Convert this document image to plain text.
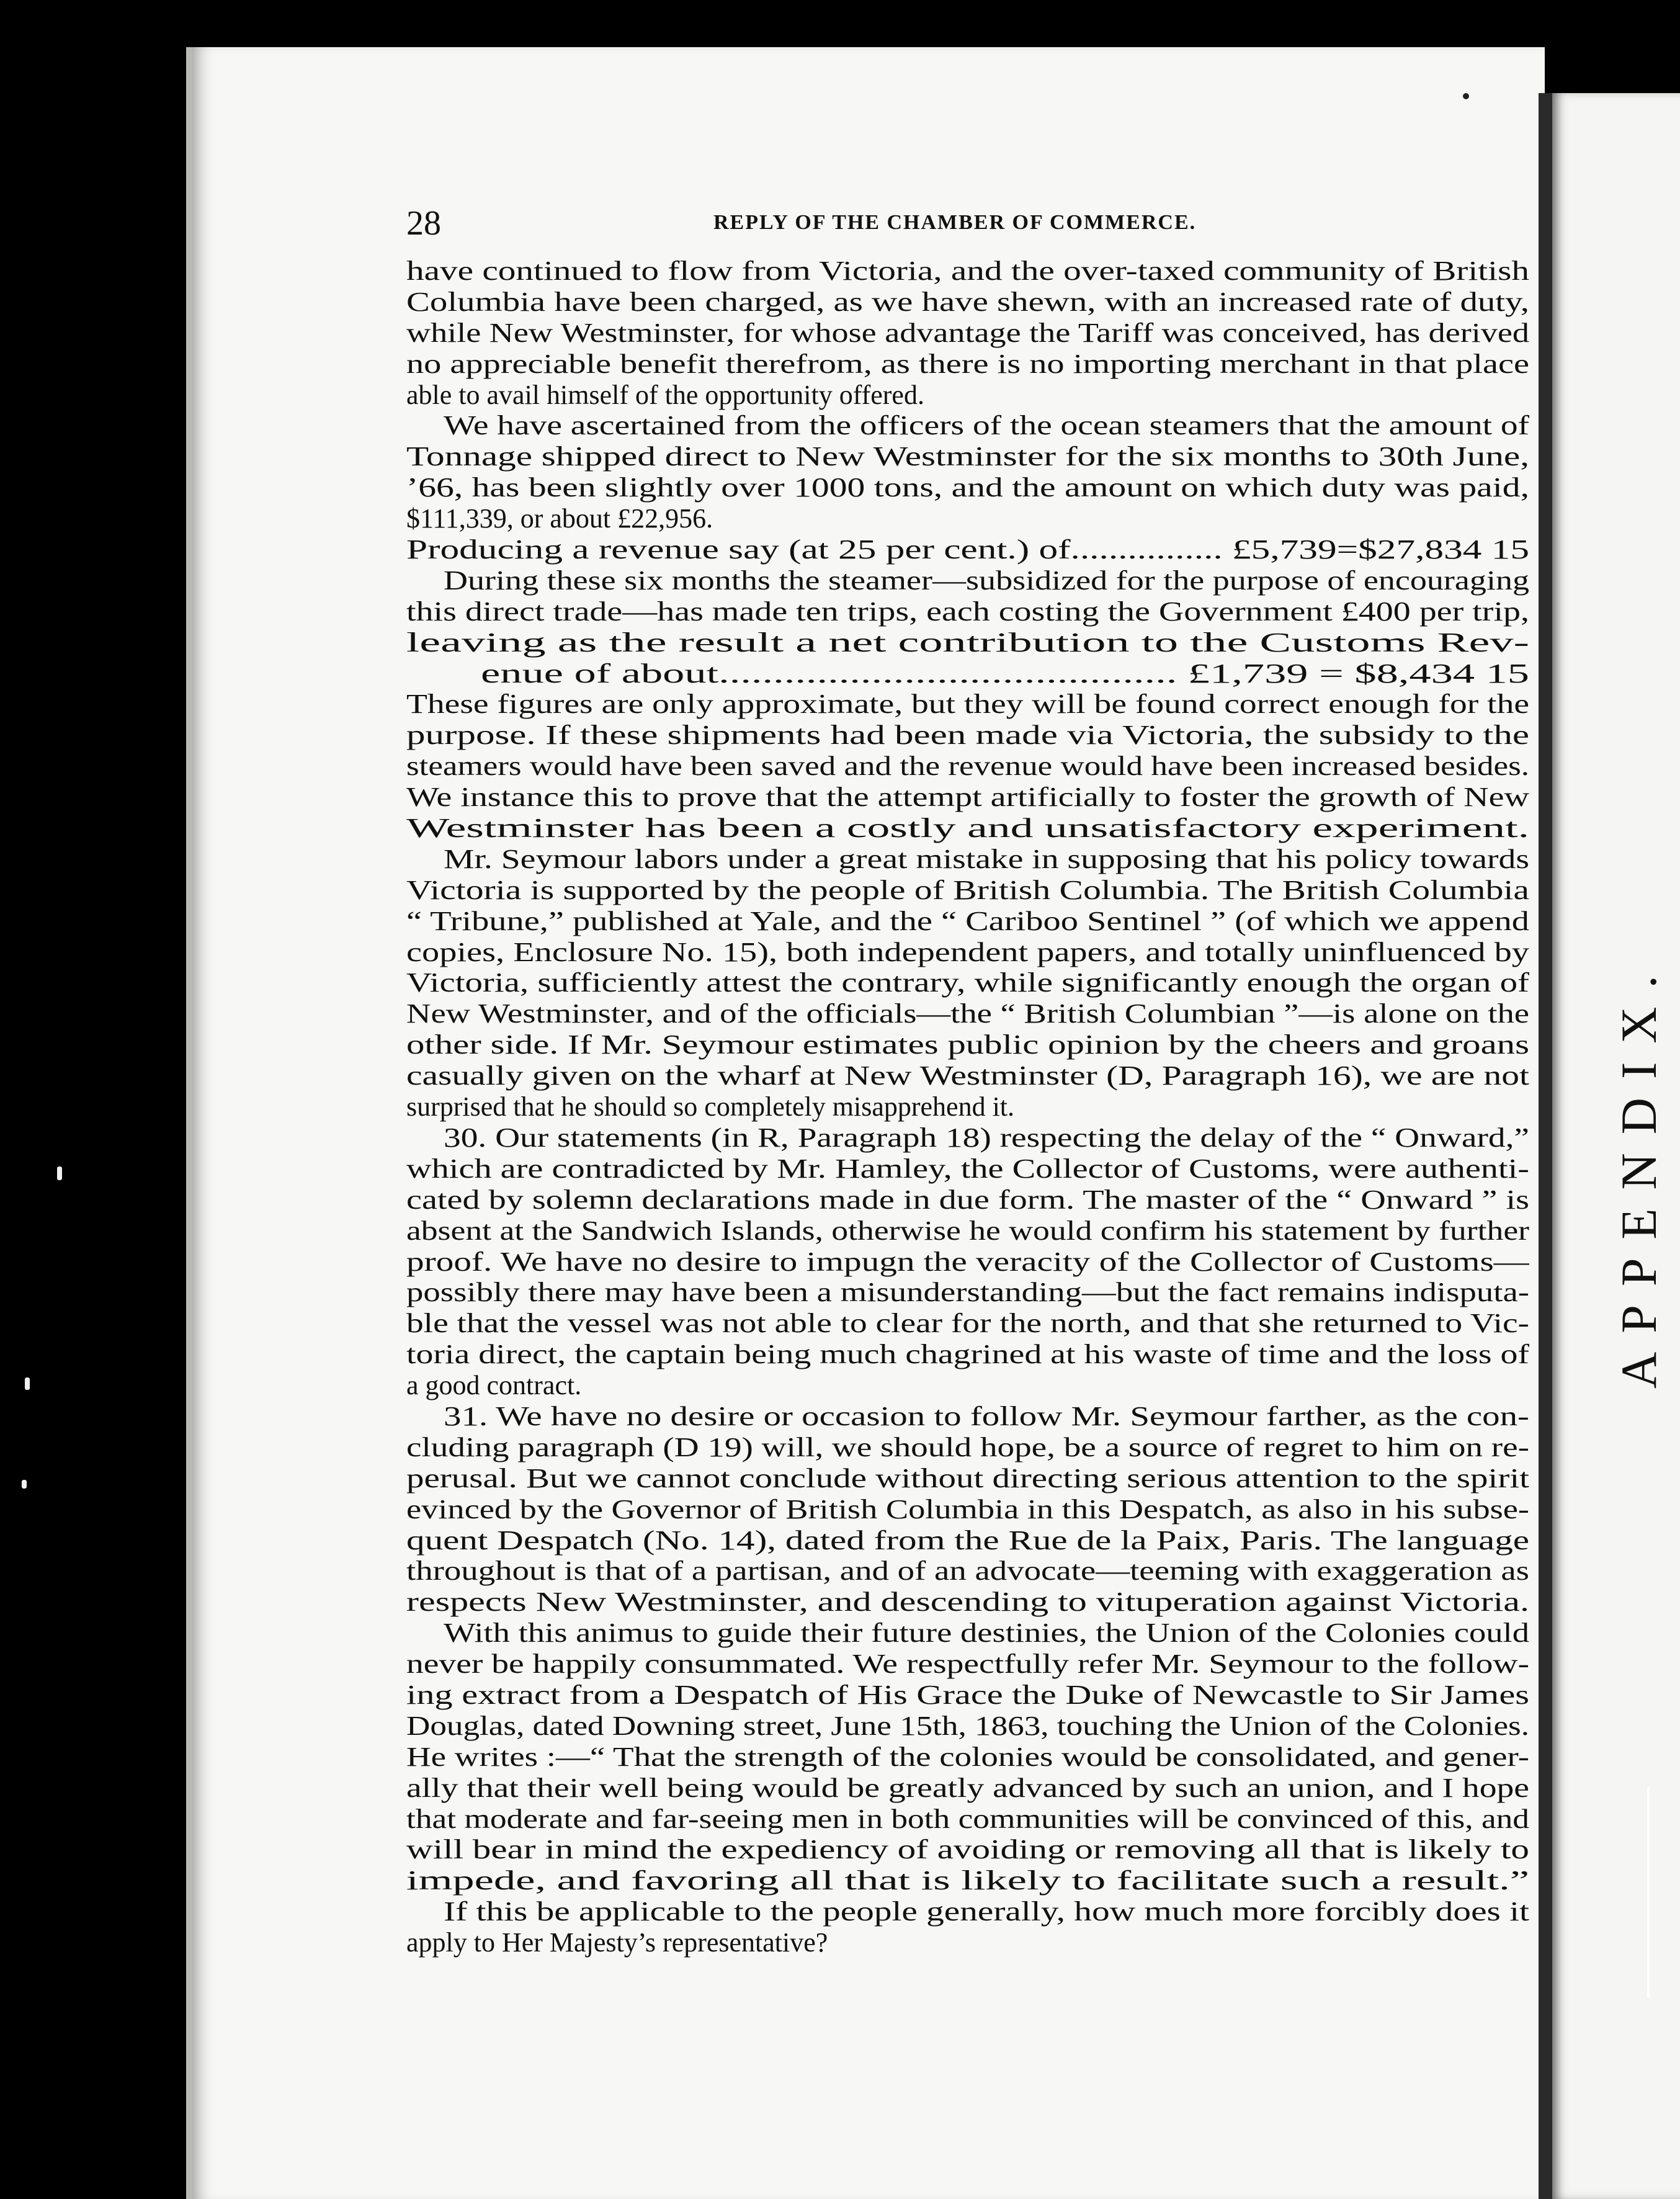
APPENDIX.
28	REPLY OF THE CHAMBER OF COMMERCE.
have continued to flow from Victoria, and the over-taxed community of British
Columbia have been charged, as we have shewn, with an increased rate of duty,
while New Westminster, for whose advantage the Tariff was conceived, has derived
no appreciable benefit therefrom, as there is no importing merchant in that place
able to avail himself of the opportunity offered.
We have ascertained from the officers of the ocean steamers that the amount of
Tonnage shipped direct to New Westminster for the six months to 30th June,
’66, has been slightly over 1000 tons, and the amount on which duty was paid,
$111,339, or about £22,956.
Producing a revenue say (at 25 per cent.) of................ £5,739=$27,834 15
During these six months the steamer—subsidized for the purpose of encouraging
this direct trade—has made ten trips, each costing the Government £400 per trip,
leaving as the result a net contribution to the Customs Rev-
enue of about.......................................... £1,739 = $8,434 15
These figures are only approximate, but they will be found correct enough for the
purpose. If these shipments had been made via Victoria, the subsidy to the
steamers would have been saved and the revenue would have been increased besides.
We instance this to prove that the attempt artificially to foster the growth of New
Westminster has been a costly and unsatisfactory experiment.
Mr. Seymour labors under a great mistake in supposing that his policy towards
Victoria is supported by the people of British Columbia. The British Columbia
“ Tribune,” published at Yale, and the “ Cariboo Sentinel ” (of which we append
copies, Enclosure No. 15), both independent papers, and totally uninfluenced by
Victoria, sufficiently attest the contrary, while significantly enough the organ of
New Westminster, and of the officials—the “ British Columbian ”—is alone on the
other side. If Mr. Seymour estimates public opinion by the cheers and groans
casually given on the wharf at New Westminster (D, Paragraph 16), we are not
surprised that he should so completely misapprehend it.
30. Our statements (in R, Paragraph 18) respecting the delay of the “ Onward,”
which are contradicted by Mr. Hamley, the Collector of Customs, were authenti-
cated by solemn declarations made in due form. The master of the “ Onward ” is
absent at the Sandwich Islands, otherwise he would confirm his statement by further
proof. We have no desire to impugn the veracity of the Collector of Customs—
possibly there may have been a misunderstanding—but the fact remains indisputa-
ble that the vessel was not able to clear for the north, and that she returned to Vic-
toria direct, the captain being much chagrined at his waste of time and the loss of
a good contract.
31. We have no desire or occasion to follow Mr. Seymour farther, as the con-
cluding paragraph (D 19) will, we should hope, be a source of regret to him on re-
perusal. But we cannot conclude without directing serious attention to the spirit
evinced by the Governor of British Columbia in this Despatch, as also in his subse-
quent Despatch (No. 14), dated from the Rue de la Paix, Paris. The language
throughout is that of a partisan, and of an advocate—teeming with exaggeration as
respects New Westminster, and descending to vituperation against Victoria.
With this animus to guide their future destinies, the Union of the Colonies could
never be happily consummated. We respectfully refer Mr. Seymour to the follow-
ing extract from a Despatch of His Grace the Duke of Newcastle to Sir James
Douglas, dated Downing street, June 15th, 1863, touching the Union of the Colonies.
He writes :—“ That the strength of the colonies would be consolidated, and gener-
ally that their well being would be greatly advanced by such an union, and I hope
that moderate and far-seeing men in both communities will be convinced of this, and
will bear in mind the expediency of avoiding or removing all that is likely to
impede, and favoring all that is likely to facilitate such a result.”
If this be applicable to the people generally, how much more forcibly does it
apply to Her Majesty’s representative?
